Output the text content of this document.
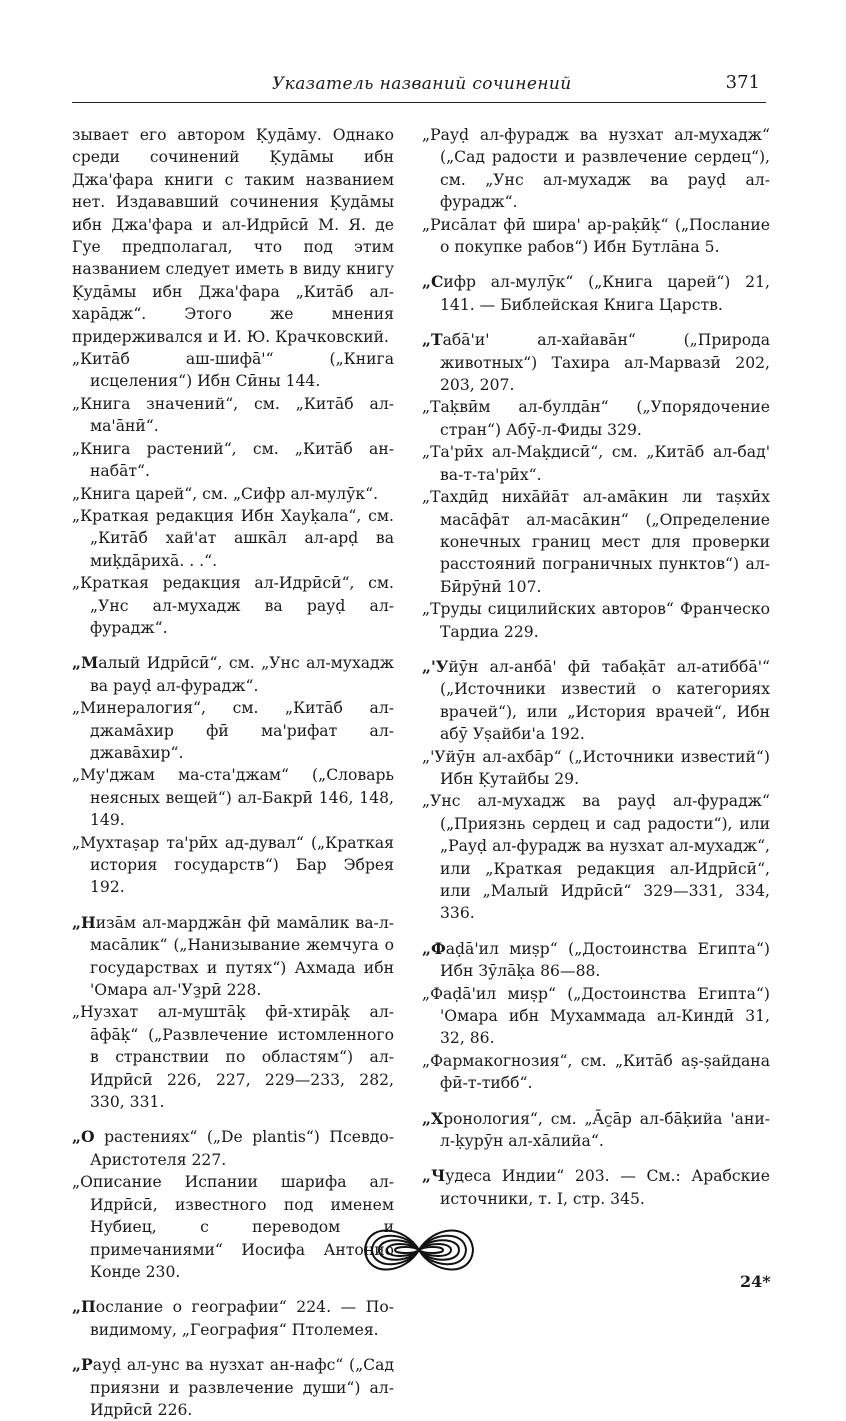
Указатель названий сочинений	371

зывает его автором Ḳудāму. Однако среди сочинений Ḳудāмы ибн Джа'фара книги с таким названием нет. Издававший сочинения Ḳудāмы ибн Джа'фара и ал-Идрӣсӣ М. Я. де Гуе предполагал, что под этим названием следует иметь в виду книгу Ḳудāмы ибн Джа'фара „Китāб ал-харāдж“. Этого же мнения придерживался и И. Ю. Крачковский.

„Китāб аш-шифā'“ („Книга исцеления“) Ибн Сӣны 144.

„Книга значений“, см. „Китāб ал-ма'āнӣ“.

„Книга растений“, см. „Китāб ан-набāт“.

„Книга царей“, см. „Сифр ал-мулӯк“.

„Краткая редакция Ибн Хауḳала“, см. „Китāб хай'ат ашкāл ал-арḍ ва миḳдāрихā. . .“.

„Краткая редакция ал-Идрӣсӣ“, см. „Унс ал-мухадж ва рауḍ ал-фурадж“.

„Малый Идрӣсӣ“, см. „Унс ал-мухадж ва рауḍ ал-фурадж“.

„Минералогия“, см. „Китāб ал-джамāхир фӣ ма'рифат ал-джавāхир“.

„Му'джам ма-ста'джам“ („Словарь неясных вещей“) ал-Бакрӣ 146, 148, 149.

„Мухтаṣар та'рӣх ад-дувал“ („Краткая история государств“) Бар Эбрея 192.

„Низāм ал-марджāн фӣ мамāлик ва-л-масāлик“ („Нанизывание жемчуга о государствах и путях“) Ахмада ибн 'Омара ал-'Уз̱рӣ 228.

„Нузхат ал-муштāḳ фӣ-хтирāḳ ал-āфāḳ“ („Развлечение истомленного в странствии по областям“) ал-Идрӣсӣ 226, 227, 229—233, 282, 330, 331.

„О растениях“ („De plantis“) Псевдо-Аристотеля 227.

„Описание Испании шарифа ал-Идрӣсӣ, известного под именем Нубиец, с переводом и примечаниями“ Иосифа Антонио Конде 230.

„Послание о географии“ 224. — По-видимому, „География“ Птолемея.

„Рауḍ ал-унс ва нузхат ан-нафс“ („Сад приязни и развлечение души“) ал-Идрӣсӣ 226.

„Рауḍ ал-фурадж ва нузхат ал-мухадж“ („Сад радости и развлечение сердец“), см. „Унс ал-мухадж ва рауḍ ал-фурадж“.

„Рисāлат фӣ шира' ар-раḳӣḳ“ („Послание о покупке рабов“) Ибн Бутлāна 5.

„Сифр ал-мулӯк“ („Книга царей“) 21, 141. — Библейская Книга Царств.

„Табā'и' ал-хайавāн“ („Природа животных“) Тахира ал-Марвазӣ 202, 203, 207.

„Таḳвӣм ал-булдāн“ („Упорядочение стран“) Абӯ-л-Фиды 329.

„Та'рӣх ал-Маḳдисӣ“, см. „Китāб ал-бад' ва-т-та'рӣх“.

„Тахдӣд нихāйāт ал-амāкин ли таṣхӣх масāфāт ал-масāкин“ („Определение конечных границ мест для проверки расстояний пограничных пунктов“) ал-Бӣрӯнӣ 107.

„Труды сицилийских авторов“ Франческо Тардиа 229.

„'Уйӯн ал-анбā' фӣ табаḳāт ал-атиббā'“ („Источники известий о категориях врачей“), или „История врачей“, Ибн абӯ Уṣайби'а 192.

„'Уйӯн ал-ахбāр“ („Источники известий“) Ибн Ḳутайбы 29.

„Унс ал-мухадж ва рауḍ ал-фурадж“ („Приязнь сердец и сад радости“), или „Рауḍ ал-фурадж ва нузхат ал-мухадж“, или „Краткая редакция ал-Идрӣсӣ“, или „Малый Идрӣсӣ“ 329—331, 334, 336.

„Фаḍā'ил миṣр“ („Достоинства Египта“) Ибн Зӯлāḳа 86—88.

„Фаḍā'ил миṣр“ („Достоинства Египта“) 'Омара ибн Мухаммада ал-Киндӣ 31, 32, 86.

„Фармакогнозия“, см. „Китāб аṣ-ṣайдана фӣ-т-тибб“.

„Хронология“, см. „Āс̱āр ал-бāḳийа 'ани-л-ḳурӯн ал-хāлийа“.

„Чудеса Индии“ 203. — См.: Арабские источники, т. I, стр. 345.

24*
